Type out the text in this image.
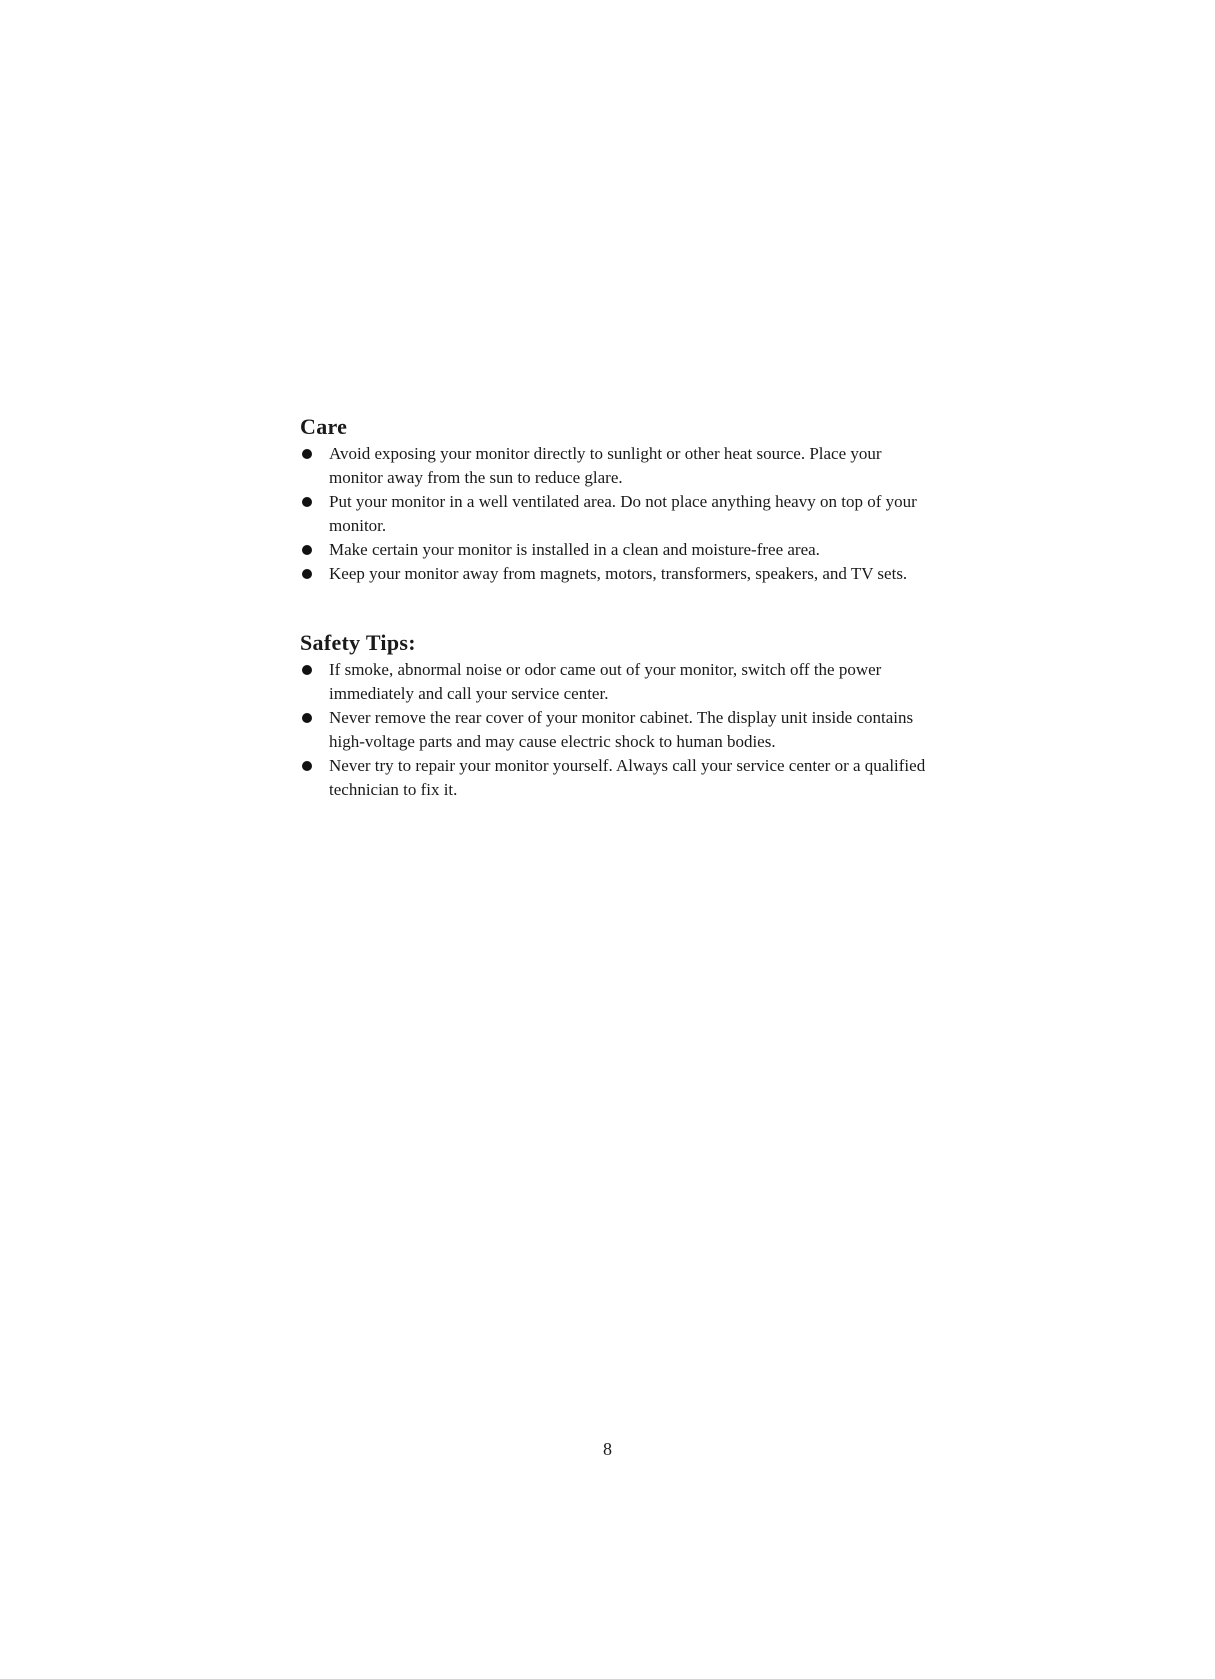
Care
Avoid exposing your monitor directly to sunlight or other heat source. Place your monitor away from the sun to reduce glare.
Put your monitor in a well ventilated area. Do not place anything heavy on top of your monitor.
Make certain your monitor is installed in a clean and moisture-free area.
Keep your monitor away from magnets, motors, transformers, speakers, and TV sets.
Safety Tips:
If smoke, abnormal noise or odor came out of your monitor, switch off the power immediately and call your service center.
Never remove the rear cover of your monitor cabinet. The display unit inside contains high-voltage parts and may cause electric shock to human bodies.
Never try to repair your monitor yourself. Always call your service center or a qualified technician to fix it.
8
